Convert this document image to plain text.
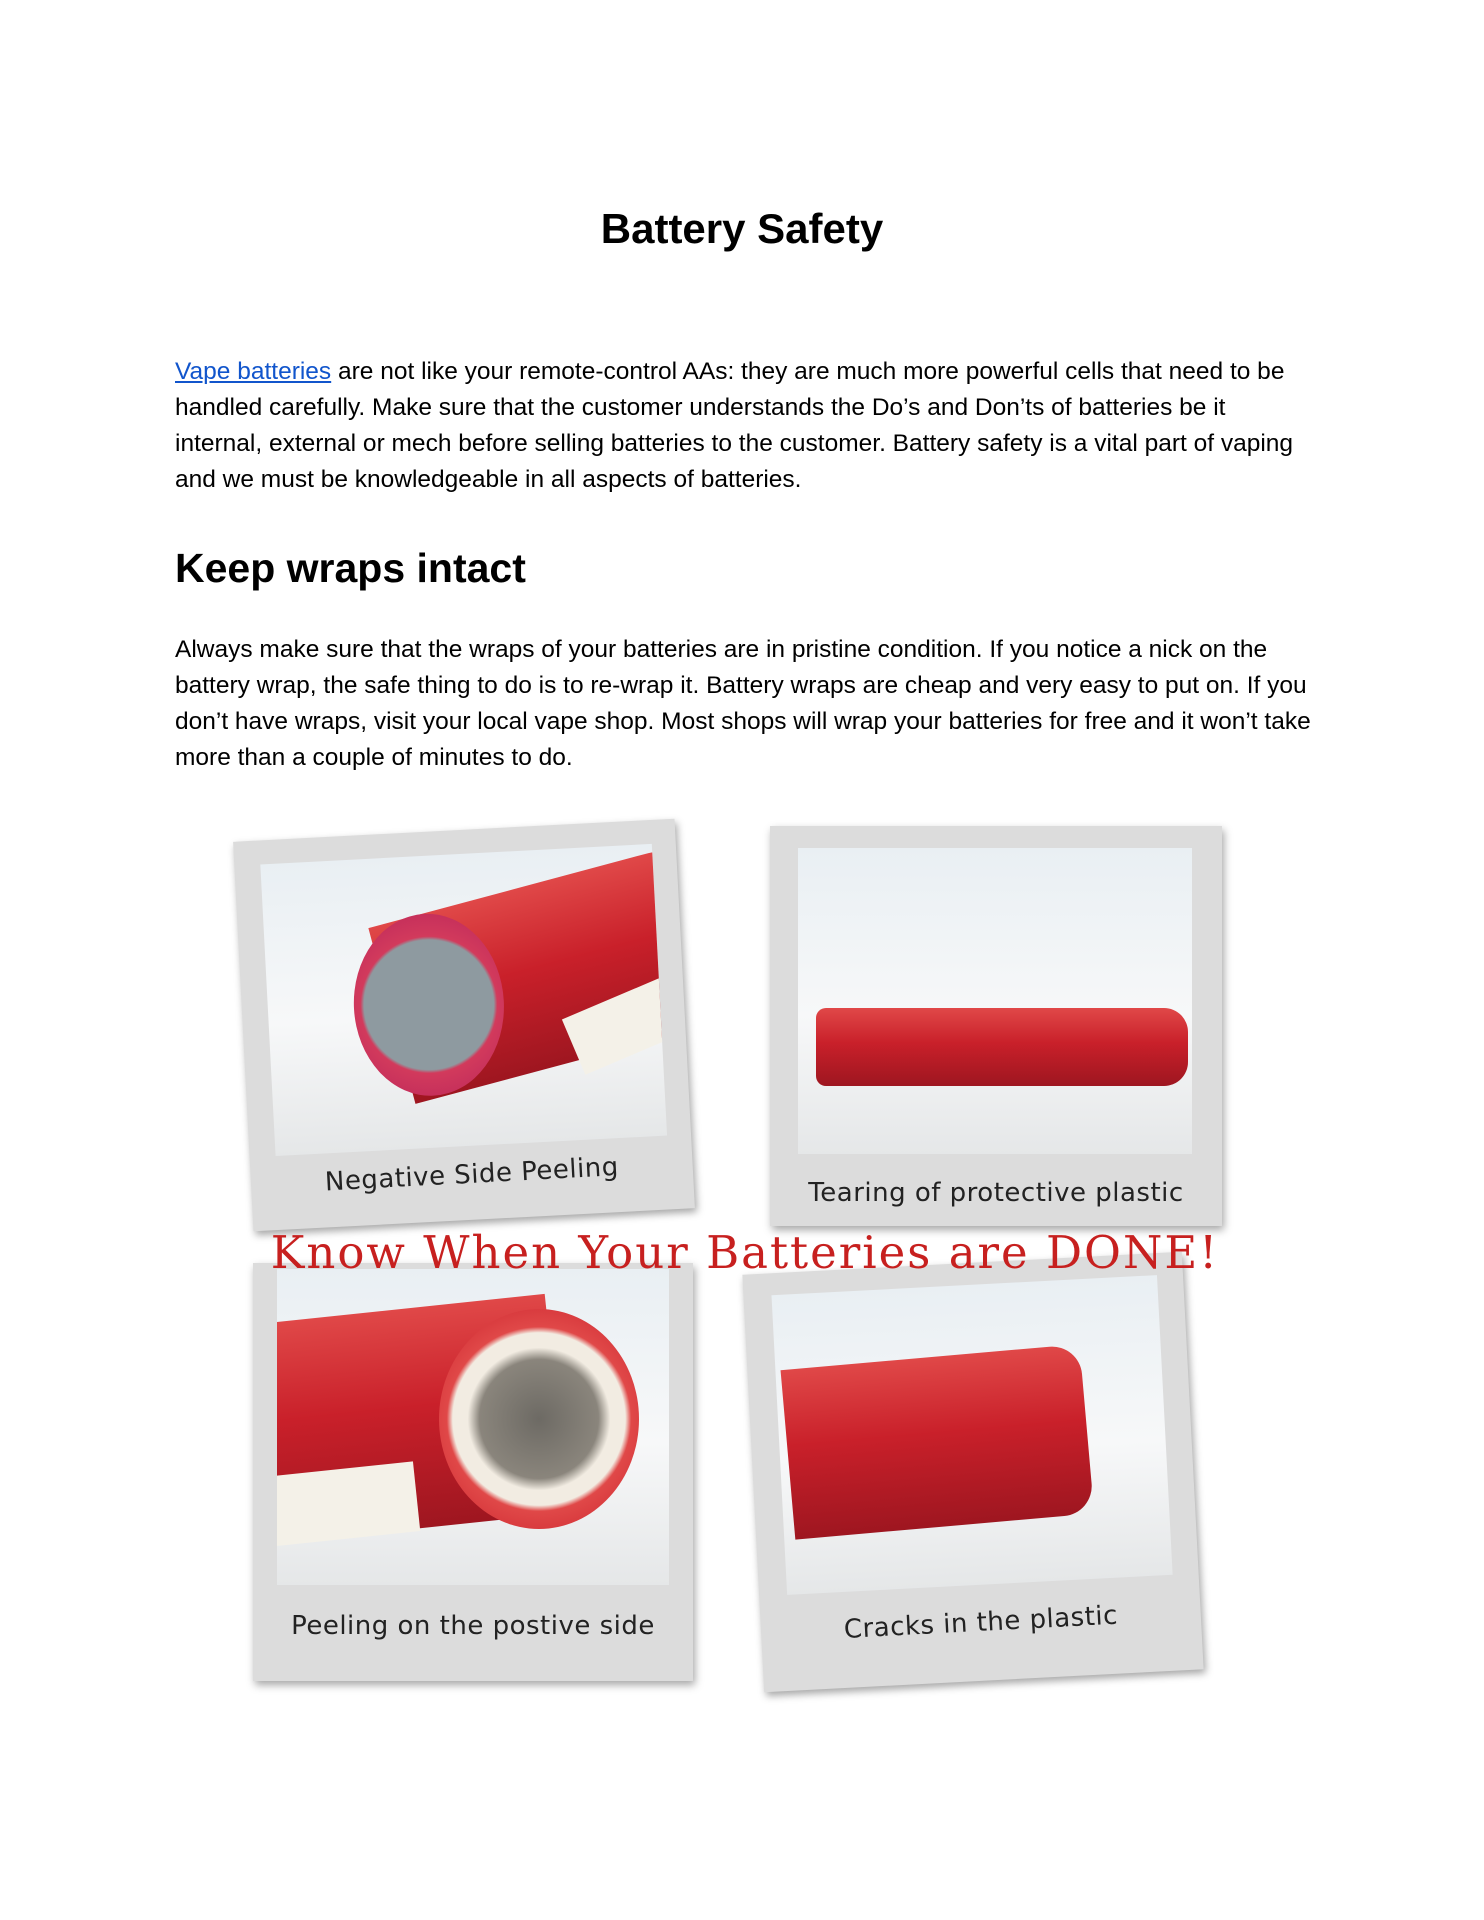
Battery Safety

Vape batteries are not like your remote-control AAs: they are much more powerful cells that need to be handled carefully. Make sure that the customer understands the Do’s and Don’ts of batteries be it internal, external or mech before selling batteries to the customer. Battery safety is a vital part of vaping and we must be knowledgeable in all aspects of batteries.

Keep wraps intact

Always make sure that the wraps of your batteries are in pristine condition. If you notice a nick on the battery wrap, the safe thing to do is to re-wrap it. Battery wraps are cheap and very easy to put on. If you don’t have wraps, visit your local vape shop. Most shops will wrap your batteries for free and it won’t take more than a couple of minutes to do.

Negative Side Peeling	Tearing of protective plastic
Peeling on the postive side	Cracks in the plastic
Know When Your Batteries are DONE!
